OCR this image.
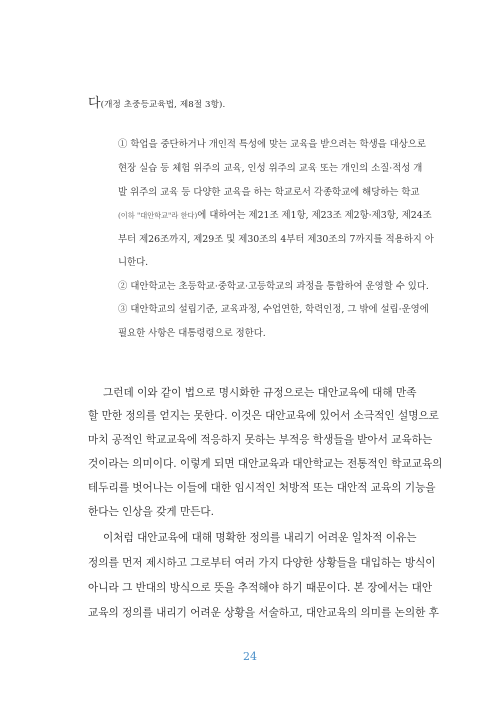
다(개정 초중등교육법, 제8절 3항).
① 학업을 중단하거나 개인적 특성에 맞는 교육을 받으려는 학생을 대상으로
현장 실습 등 체험 위주의 교육, 인성 위주의 교육 또는 개인의 소질·적성 개
발 위주의 교육 등 다양한 교육을 하는 학교로서 각종학교에 해당하는 학교
(이하 "대안학교"라 한다)에 대하여는 제21조 제1항, 제23조 제2항·제3항, 제24조
부터 제26조까지, 제29조 및 제30조의 4부터 제30조의 7까지를 적용하지 아
니한다.
② 대안학교는 초등학교·중학교·고등학교의 과정을 통합하여 운영할 수 있다.
③ 대안학교의 설립기준, 교육과정, 수업연한, 학력인정, 그 밖에 설립·운영에
필요한 사항은 대통령령으로 정한다.
그런데 이와 같이 법으로 명시화한 규정으로는 대안교육에 대해 만족
할 만한 정의를 얻지는 못한다. 이것은 대안교육에 있어서 소극적인 설명으로
마치 공적인 학교교육에 적응하지 못하는 부적응 학생들을 받아서 교육하는
것이라는 의미이다. 이렇게 되면 대안교육과 대안학교는 전통적인 학교교육의
테두리를 벗어나는 이들에 대한 임시적인 처방적 또는 대안적 교육의 기능을
한다는 인상을 갖게 만든다.
이처럼 대안교육에 대해 명확한 정의를 내리기 어려운 일차적 이유는
정의를 먼저 제시하고 그로부터 여러 가지 다양한 상황들을 대입하는 방식이
아니라 그 반대의 방식으로 뜻을 추적해야 하기 때문이다. 본 장에서는 대안
교육의 정의를 내리기 어려운 상황을 서술하고, 대안교육의 의미를 논의한 후
24
